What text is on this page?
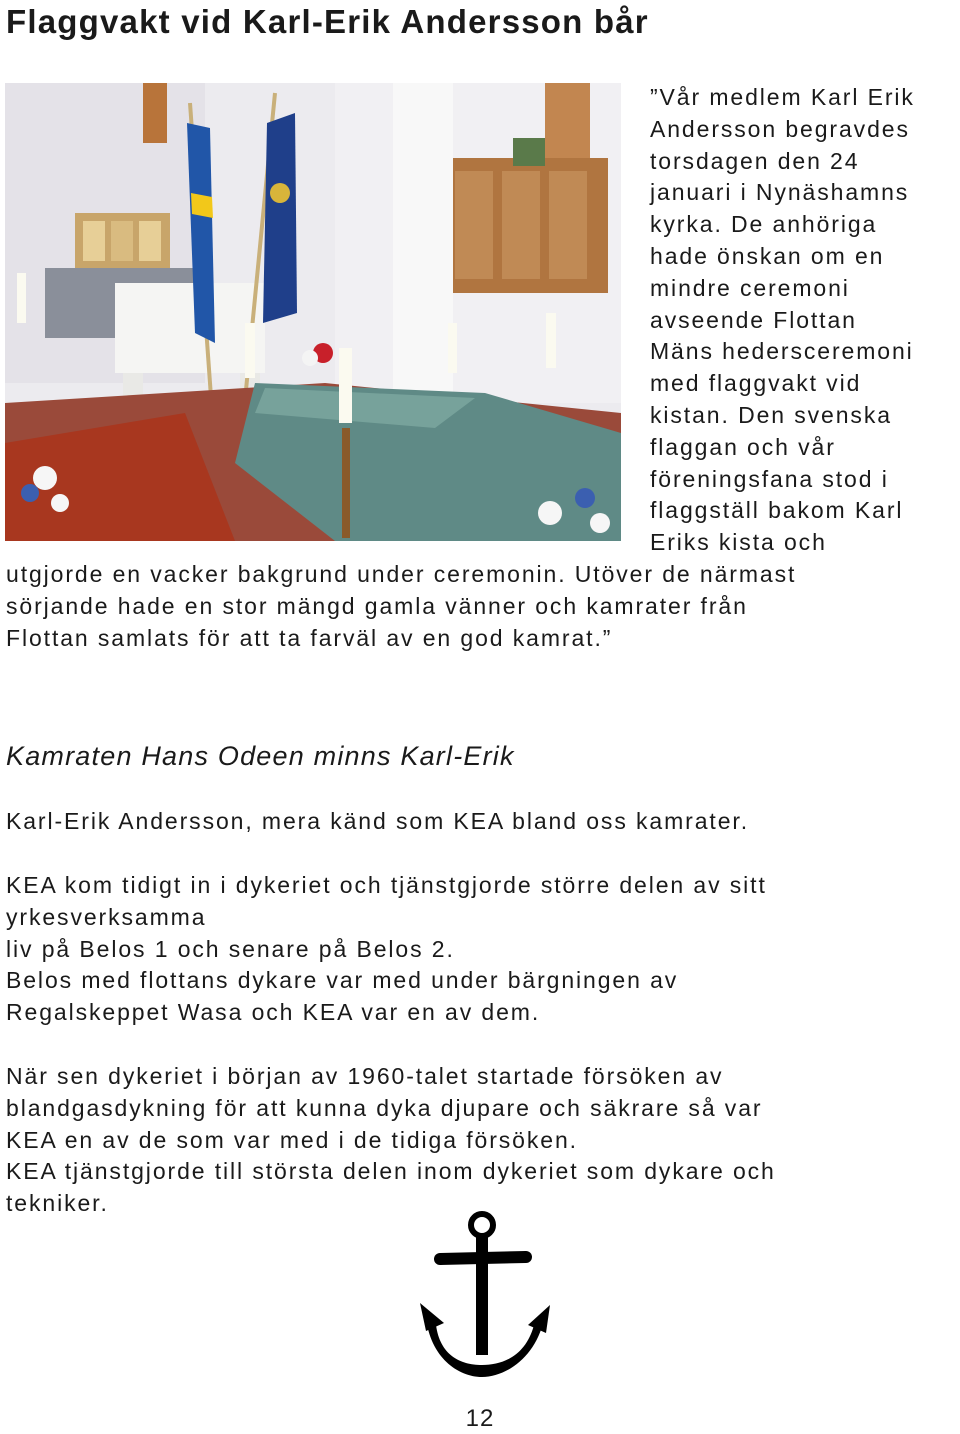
Flaggvakt vid Karl-Erik Andersson bår
”Vår medlem Karl Erik
Andersson begravdes
torsdagen den 24
januari i Nynäshamns
kyrka. De anhöriga
hade önskan om en
mindre ceremoni
avseende Flottan
Mäns hedersceremoni
med flaggvakt vid
kistan. Den svenska
flaggan och vår
föreningsfana stod i
flaggställ bakom Karl
Eriks kista och
utgjorde en vacker bakgrund under ceremonin. Utöver de närmast
sörjande hade en stor mängd gamla vänner och kamrater från
Flottan samlats för att ta farväl av en god kamrat.”
Kamraten Hans Odeen minns Karl-Erik
Karl-Erik Andersson, mera känd som KEA bland oss kamrater.
KEA kom tidigt in i dykeriet och tjänstgjorde större delen av sitt
yrkesverksamma
liv på Belos 1 och senare på Belos 2.
Belos med flottans dykare var med under bärgningen av
Regalskeppet Wasa och KEA var en av dem.
När sen dykeriet i början av 1960-talet startade försöken av
blandgasdykning för att kunna dyka djupare och säkrare så var
KEA en av de som var med i de tidiga försöken.
KEA tjänstgjorde till största delen inom dykeriet som dykare och
tekniker.
12
